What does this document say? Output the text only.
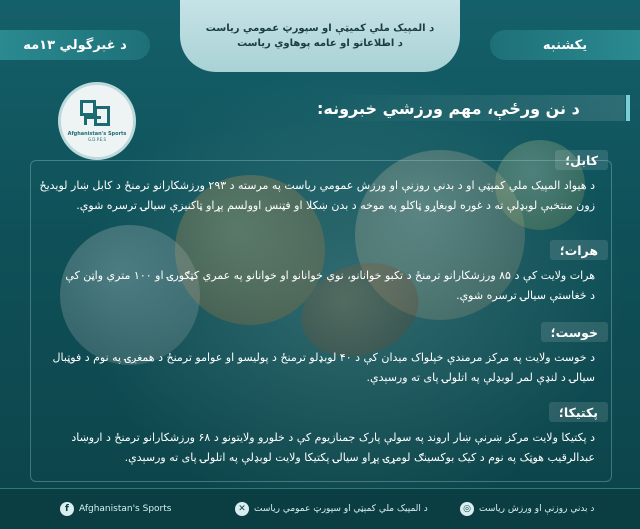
د غبرگولي ۱۳مه
د المپيک ملي کميټې او سپورټ عمومي رياست
د اطلاعاتو او عامه پوهاوي رياست	یکشنبه
Afghanistan's Sports
G.D.P.E.S
د نن ورځې، مهم ورزشي خبرونه:
کابل؛
د هیواد المپیک ملي کمېټي او د بدني روزنې او ورزش عمومي ریاست په مرسته د ۲۹۳ ورزشکارانو ترمنځ د کابل ښار لویدیځ
زون منتخبې لوبډلې ته د غوره لوبغاړو ټاکلو په موخه د بدن ښکلا او فټنس اوولسم پړاو ټاکنیزې سیالۍ ترسره شوې.
هرات؛
هرات ولایت کې د ۸۵ ورزشکارانو ترمنځ د تکبو خوانانو، نوي خوانانو او خوانانو په عمري کټګورۍ او ۱۰۰ متري واټن کې
د څغاستې سیالۍ ترسره شوې.
خوست؛
د خوست ولایت په مرکز مرمندې خپلواک میدان کې د ۴۰ لوبډلو ترمنځ د پولیسو او عوامو ترمنځ د همغږۍ په نوم د فوټبال
سیالۍ د لنډې لمر لوبډلې په اتلولۍ پای ته ورسېدې.
پکتیکا؛
د پکتیکا ولایت مرکز ښرنې ښار اروند په سولې پارک جمنازیوم کې د خلورو ولایتونو د ۶۸ ورزشکارانو ترمنځ د اروښاد
عبدالرقیب هوټک په نوم د کیک بوکسینګ لومړۍ پړاو سیالۍ پکتیکا ولایت لوبډلې په اتلولۍ پای ته ورسېدې.
f	Afghanistan's Sports	✕ د المپیک ملي کمېټي او سپورټ عمومي رياست	◎ د بدني روزنې او ورزش رياست
